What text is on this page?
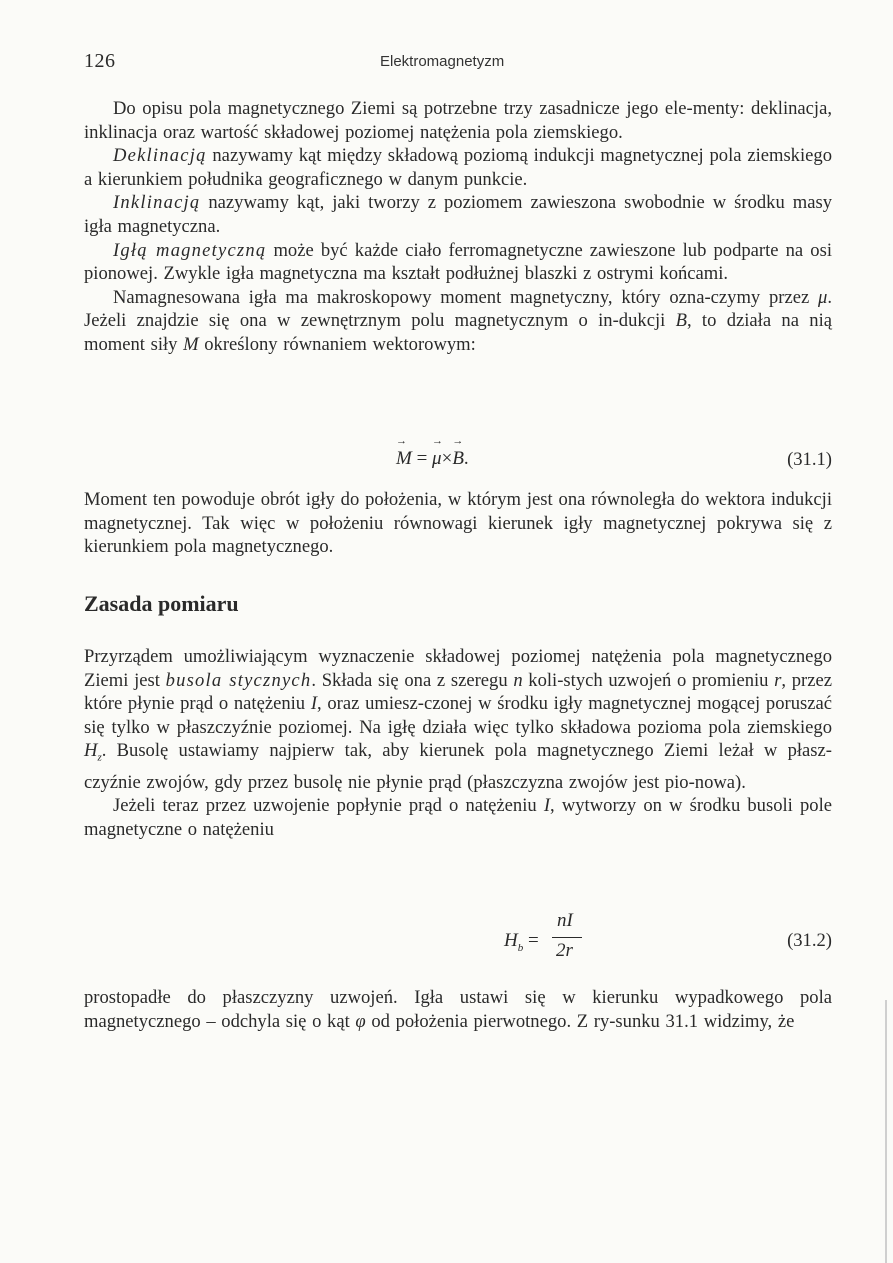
126	Elektromagnetyzm

Do opisu pola magnetycznego Ziemi są potrzebne trzy zasadnicze jego ele-menty: deklinacja, inklinacja oraz wartość składowej poziomej natężenia pola ziemskiego.

Deklinacją nazywamy kąt między składową poziomą indukcji magnetycznej pola ziemskiego a kierunkiem południka geograficznego w danym punkcie.

Inklinacją nazywamy kąt, jaki tworzy z poziomem zawieszona swobodnie w środku masy igła magnetyczna.

Igłą magnetyczną może być każde ciało ferromagnetyczne zawieszone lub podparte na osi pionowej. Zwykle igła magnetyczna ma kształt podłużnej blaszki z ostrymi końcami.

Namagnesowana igła ma makroskopowy moment magnetyczny, który ozna-czymy przez μ. Jeżeli znajdzie się ona w zewnętrznym polu magnetycznym o in-dukcji B, to działa na nią moment siły M określony równaniem wektorowym:

→ M = → μ×→ B.	(31.1)

Moment ten powoduje obrót igły do położenia, w którym jest ona równoległa do wektora indukcji magnetycznej. Tak więc w położeniu równowagi kierunek igły magnetycznej pokrywa się z kierunkiem pola magnetycznego.

Zasada pomiaru

Przyrządem umożliwiającym wyznaczenie składowej poziomej natężenia pola magnetycznego Ziemi jest busola stycznych. Składa się ona z szeregu n koli-stych uzwojeń o promieniu r, przez które płynie prąd o natężeniu I, oraz umiesz-czonej w środku igły magnetycznej mogącej poruszać się tylko w płaszczyźnie poziomej. Na igłę działa więc tylko składowa pozioma pola ziemskiego $H_z$. Busolę ustawiamy najpierw tak, aby kierunek pola magnetycznego Ziemi leżał w płasz-czyźnie zwojów, gdy przez busolę nie płynie prąd (płaszczyzna zwojów jest pio-nowa).

Jeżeli teraz przez uzwojenie popłynie prąd o natężeniu I, wytworzy on w środku busoli pole magnetyczne o natężeniu

$H_b$ =
nI
2r	(31.2)

prostopadłe do płaszczyzny uzwojeń. Igła ustawi się w kierunku wypadkowego pola magnetycznego – odchyla się o kąt φ od położenia pierwotnego. Z ry-sunku 31.1 widzimy, że
